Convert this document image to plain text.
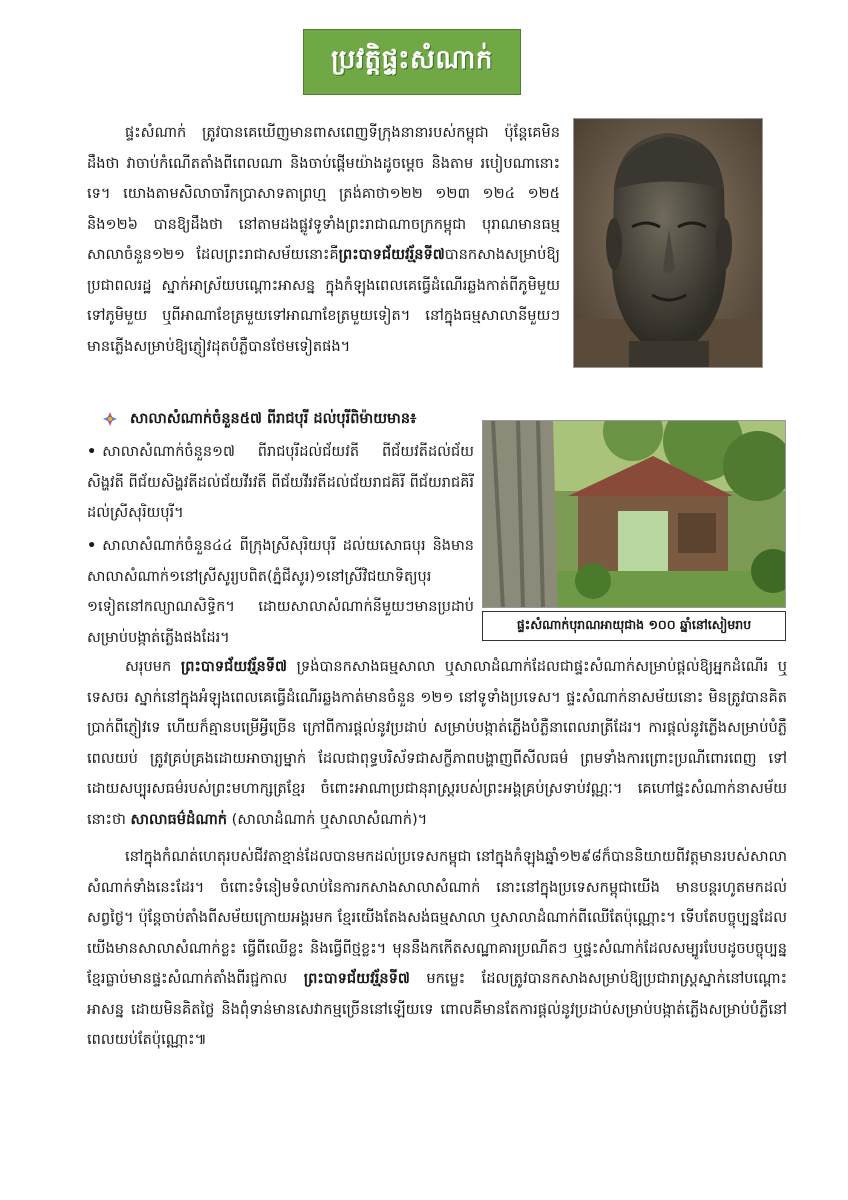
ប្រវត្តិផ្ទះសំណាក់

ផ្ទះសំណាក់ ត្រូវបានគេឃើញមានពាសពេញទីក្រុងនានារបស់កម្ពុជា ប៉ុន្តែគេមិនដឹងថា វាចាប់កំណើតតាំងពីពេលណា និងចាប់ផ្តើមយ៉ាងដូចម្តេច និងតាម របៀបណានោះទេ។ យោងតាមសិលាចារឹកប្រាសាទតាព្រហ្ម ត្រង់គាថា១២២ ១២៣ ១២៤ ១២៥ និង១២៦ បានឱ្យដឹងថា នៅតាមដងផ្លូវទូទាំងព្រះរាជាណាចក្រកម្ពុជា បុរាណមានធម្មសាលាចំនួន១២១ ដែលព្រះរាជាសម័យនោះគឺព្រះបាទជ័យវរ្ម័នទី៧បានកសាងសម្រាប់ឱ្យប្រជាពលរដ្ឋ ស្នាក់អាស្រ័យបណ្តោះអាសន្ន ក្នុងកំឡុងពេលគេធ្វើដំណើរឆ្លងកាត់ពីភូមិមួយទៅភូមិមួយ ឬពីអាណាខែត្រមួយទៅអាណាខែត្រមួយទៀត។ នៅក្នុងធម្មសាលានីមួយៗមានភ្លើងសម្រាប់ឱ្យភ្ញៀវដុតបំភ្លឺបានថែមទៀតផង។

សាលាសំណាក់ចំនួន៥៧ ពីរាជបុរី ដល់បុរីពិម៉ាយមាន៖

• សាលាសំណាក់ចំនួន១៧ ពីរាជបុរីដល់ជ័យវតី ពីជ័យវតីដល់ជ័យសិង្ហវតី ពីជ័យសិង្ហវតីដល់ជ័យវីរវតី ពីជ័យវីរវតីដល់ជ័យរាជគិរី ពីជ័យរាជគិរីដល់ស្រីសុរិយបុរី។

• សាលាសំណាក់ចំនួន៤៤ ពីក្រុងស្រីសុរិយបុរី ដល់យសោធបុរ និងមានសាលាសំណាក់១នៅស្រីសូរ្យបពិត(ភ្នំជីសូរ)១នៅស្រីវិជយាទិត្យបុរ ១ទៀតនៅកល្យាណសិទ្ធិក។ ដោយសាលាសំណាក់នីមួយៗមានប្រដាប់សម្រាប់បង្កាត់ភ្លើងផងដែរ។

ផ្ទះសំណាក់បុរាណអាយុជាង ១០០ ឆ្នាំនៅសៀមរាប

សរុបមក ព្រះបាទជ័យវរ្ម័នទី៧ ទ្រង់បានកសាងធម្មសាលា ឬសាលាដំណាក់ដែលជាផ្ទះសំណាក់សម្រាប់ផ្តល់ឱ្យអ្នកដំណើរ ឬទេសចរ ស្នាក់នៅក្នុងអំឡុងពេលគេធ្វើដំណើរឆ្លងកាត់មានចំនួន ១២១ នៅទូទាំងប្រទេស។ ផ្ទះសំណាក់នាសម័យនោះ មិនត្រូវបានគិតប្រាក់ពីភ្ញៀវទេ ហើយក៏គ្មានបម្រើអ្វីច្រើន ក្រៅពីការផ្តល់នូវប្រដាប់ សម្រាប់បង្កាត់ភ្លើងបំភ្លឺនាពេលរាត្រីដែរ។ ការផ្តល់នូវភ្លើងសម្រាប់បំភ្លឺពេលយប់ ត្រូវគ្រប់គ្រងដោយអាចារ្យម្នាក់ ដែលជាពុទ្ធបរិស័ទជាសក្ខីភាពបង្ហាញពីសីលធម៌ ព្រមទាំងការព្រោះប្រណីពោរពេញ ទៅដោយសប្បុរសធម៌របស់ព្រះមហាក្សត្រខ្មែរ ចំពោះអាណាប្រជានុរាស្ត្ររបស់ព្រះអង្គគ្រប់ស្រទាប់វណ្ណៈ។ គេហៅផ្ទះសំណាក់នាសម័យនោះថា សាលាធម៌ដំណាក់ (សាលាដំណាក់ ឬសាលាសំណាក់)។

នៅក្នុងកំណត់ហេតុរបស់ជីវតាខ្មាន់ដែលបានមកដល់ប្រទេសកម្ពុជា នៅក្នុងកំឡុងឆ្នាំ១២៩៨ក៏បាននិយាយពីវត្តមានរបស់សាលាសំណាក់ទាំងនេះដែរ។ ចំពោះទំនៀមទំលាប់នៃការកសាងសាលាសំណាក់ នោះនៅក្នុងប្រទេសកម្ពុជាយើង មានបន្តរហូតមកដល់សព្វថ្ងៃ។ ប៉ុន្តែចាប់តាំងពីសម័យក្រោយអង្គរមក ខ្មែរយើងតែងសង់ធម្មសាលា ឬសាលាដំណាក់ពីឈើតែប៉ុណ្ណោះ។ ទើបតែបច្ចុប្បន្នដែលយើងមានសាលាសំណាក់ខ្លះ ធ្វើពីឈើខ្លះ និងធ្វើពីថ្មខ្លះ។ មុននឹងកកើតសណ្ឋាគារប្រណីតៗ ឬផ្ទះសំណាក់ដែលសម្បូរបែបដូចបច្ចុប្បន្នខ្មែរធ្លាប់មានផ្ទះសំណាក់តាំងពីរជ្ជកាល ព្រះបាទជ័យវរ្ម័នទី៧ មកម្លេះ ដែលត្រូវបានកសាងសម្រាប់ឱ្យប្រជារាស្ត្រស្នាក់នៅបណ្តោះអាសន្ន ដោយមិនគិតថ្លៃ និងពុំទាន់មានសេវាកម្មច្រើននៅឡើយទេ ពោលគឺមានតែការផ្តល់នូវប្រដាប់សម្រាប់បង្កាត់ភ្លើងសម្រាប់បំភ្លឺនៅពេលយប់តែប៉ុណ្ណោះ៕
